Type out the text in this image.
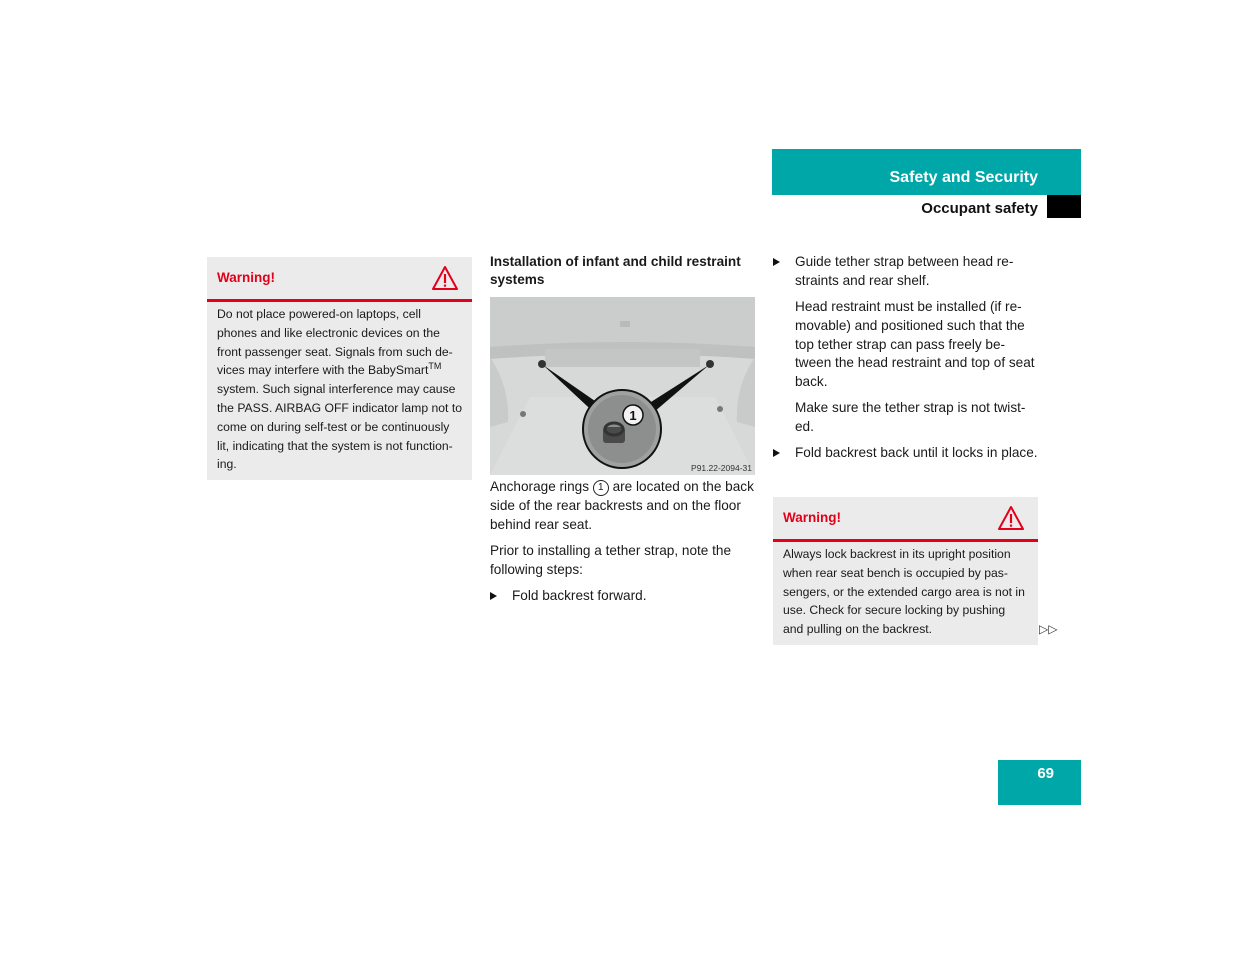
Safety and Security
Occupant safety
Warning!
Do not place powered-on laptops, cell
phones and like electronic devices on the
front passenger seat. Signals from such de-
vices may interfere with the BabySmart™
system. Such signal interference may cause
the PASS. AIRBAG OFF indicator lamp not to
come on during self-test or be continuously
lit, indicating that the system is not function-
ing.
Installation of infant and child restraint systems
1
P91.22-2094-31
Anchorage rings 1 are located on the back side of the rear backrests and on the floor behind rear seat.
Prior to installing a tether strap, note the following steps:
Fold backrest forward.
Guide tether strap between head re-straints and rear shelf.
Head restraint must be installed (if re-movable) and positioned such that the top tether strap can pass freely be-tween the head restraint and top of seat back.
Make sure the tether strap is not twist-ed.
Fold backrest back until it locks in place.
Warning!
Always lock backrest in its upright position
when rear seat bench is occupied by pas-
sengers, or the extended cargo area is not in
use. Check for secure locking by pushing
and pulling on the backrest.	▷▷
69
